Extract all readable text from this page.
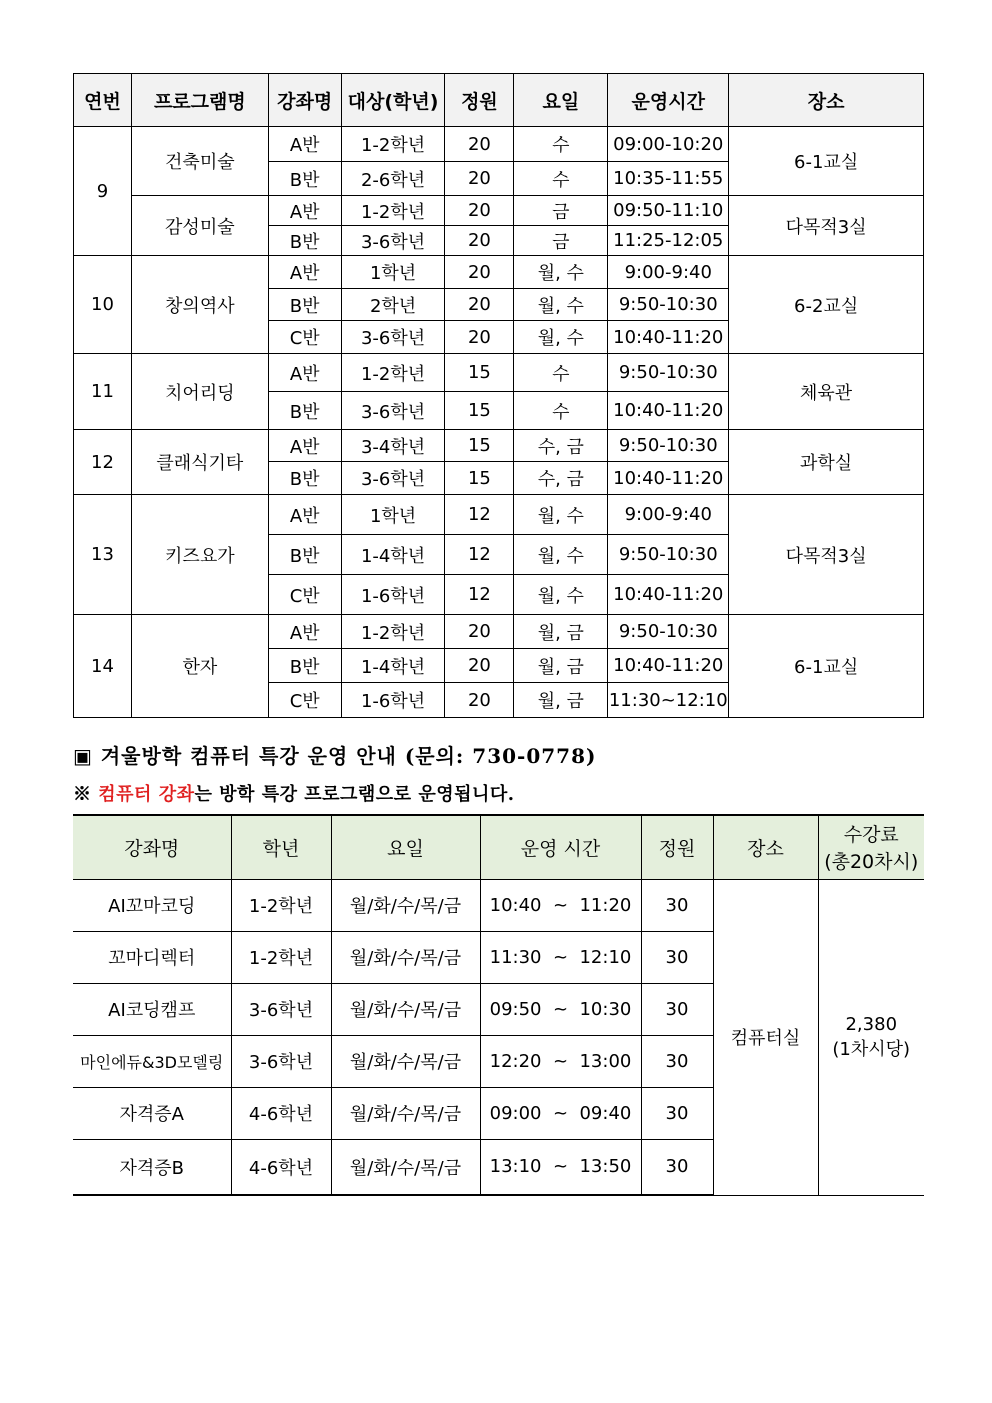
연번	프로그램명	강좌명	대상(학년)	정원	요일	운영시간	장소
9	건축미술	A반	1-2학년	20	수	09:00-10:20	6-1교실
		B반	2-6학년	20	수	10:35-11:55	
	감성미술	A반	1-2학년	20	금	09:50-11:10	다목적3실
		B반	3-6학년	20	금	11:25-12:05	
10	창의역사	A반	1학년	20	월, 수	9:00-9:40	6-2교실
		B반	2학년	20	월, 수	9:50-10:30	
		C반	3-6학년	20	월, 수	10:40-11:20	
11	치어리딩	A반	1-2학년	15	수	9:50-10:30	체육관
		B반	3-6학년	15	수	10:40-11:20	
12	클래식기타	A반	3-4학년	15	수, 금	9:50-10:30	과학실
		B반	3-6학년	15	수, 금	10:40-11:20	
13	키즈요가	A반	1학년	12	월, 수	9:00-9:40	다목적3실
		B반	1-4학년	12	월, 수	9:50-10:30	
		C반	1-6학년	12	월, 수	10:40-11:20	
14	한자	A반	1-2학년	20	월, 금	9:50-10:30	6-1교실
		B반	1-4학년	20	월, 금	10:40-11:20	
		C반	1-6학년	20	월, 금	11:30~12:10	
▣ 겨울방학 컴퓨터 특강 운영 안내 (문의: 730-0778)
※ 컴퓨터 강좌는 방학 특강 프로그램으로 운영됩니다.
강좌명	학년	요일	운영 시간	정원	장소	수강료
(총20차시)

AI꼬마코딩	1-2학년	월/화/수/목/금	10:40  ~  11:20	30	컴퓨터실	2,380
(1차시당)

꼬마디렉터	1-2학년	월/화/수/목/금	11:30  ~  12:10	30		
AI코딩캠프	3-6학년	월/화/수/목/금	09:50  ~  10:30	30		
마인에듀&3D모델링	3-6학년	월/화/수/목/금	12:20  ~  13:00	30		
자격증A	4-6학년	월/화/수/목/금	09:00  ~  09:40	30		
자격증B	4-6학년	월/화/수/목/금	13:10  ~  13:50	30		
